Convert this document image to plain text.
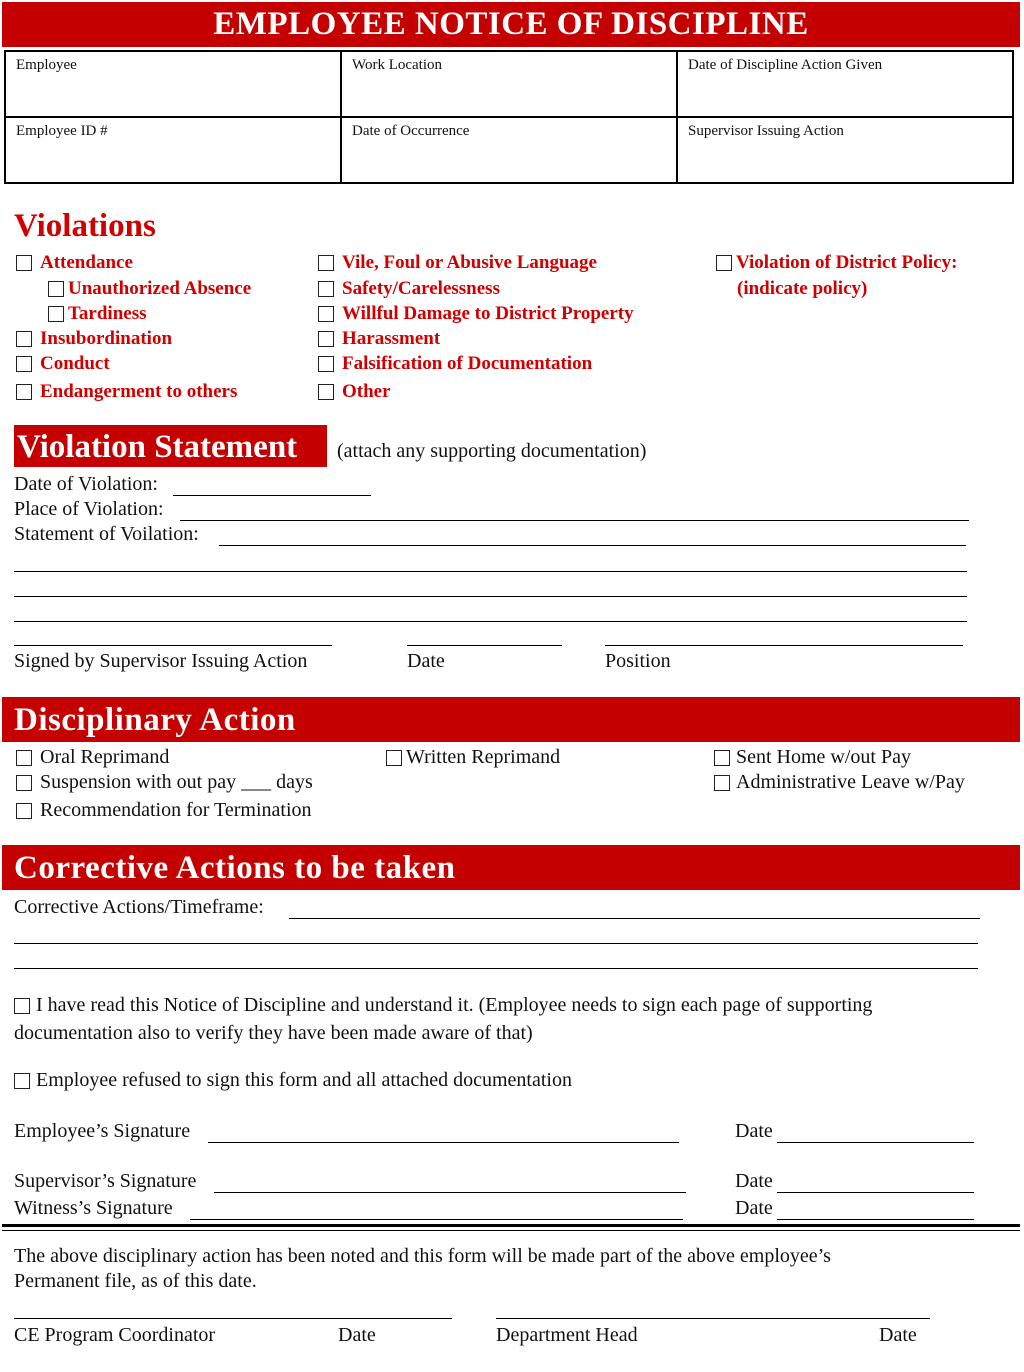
EMPLOYEE NOTICE OF DISCIPLINE
Employee	Work Location	Date of Discipline Action Given
Employee ID #	Date of Occurrence	Supervisor Issuing Action
Violations
Attendance
Unauthorized Absence
Tardiness
Insubordination
Conduct
Endangerment to others
Vile, Foul or Abusive Language
Safety/Carelessness
Willful Damage to District Property
Harassment
Falsification of Documentation
Other
Violation of District Policy:
(indicate policy)
Violation Statement	(attach any supporting documentation)
Date of Violation:
Place of Violation:
Statement of Voilation:
Signed by Supervisor Issuing Action	Date	Position
Disciplinary Action
Oral Reprimand
Suspension with out pay ___ days
Recommendation for Termination
Written Reprimand	Sent Home w/out Pay
Administrative Leave w/Pay
Corrective Actions to be taken
Corrective Actions/Timeframe:
I have read this Notice of Discipline and understand it. (Employee needs to sign each page of supporting
documentation also to verify they have been made aware of that)
Employee refused to sign this form and all attached documentation
Employee’s Signature	Date
Supervisor’s Signature	Date
Witness’s Signature	Date
The above disciplinary action has been noted and this form will be made part of the above employee’s
Permanent file, as of this date.
CE Program Coordinator	Date	Department Head	Date
